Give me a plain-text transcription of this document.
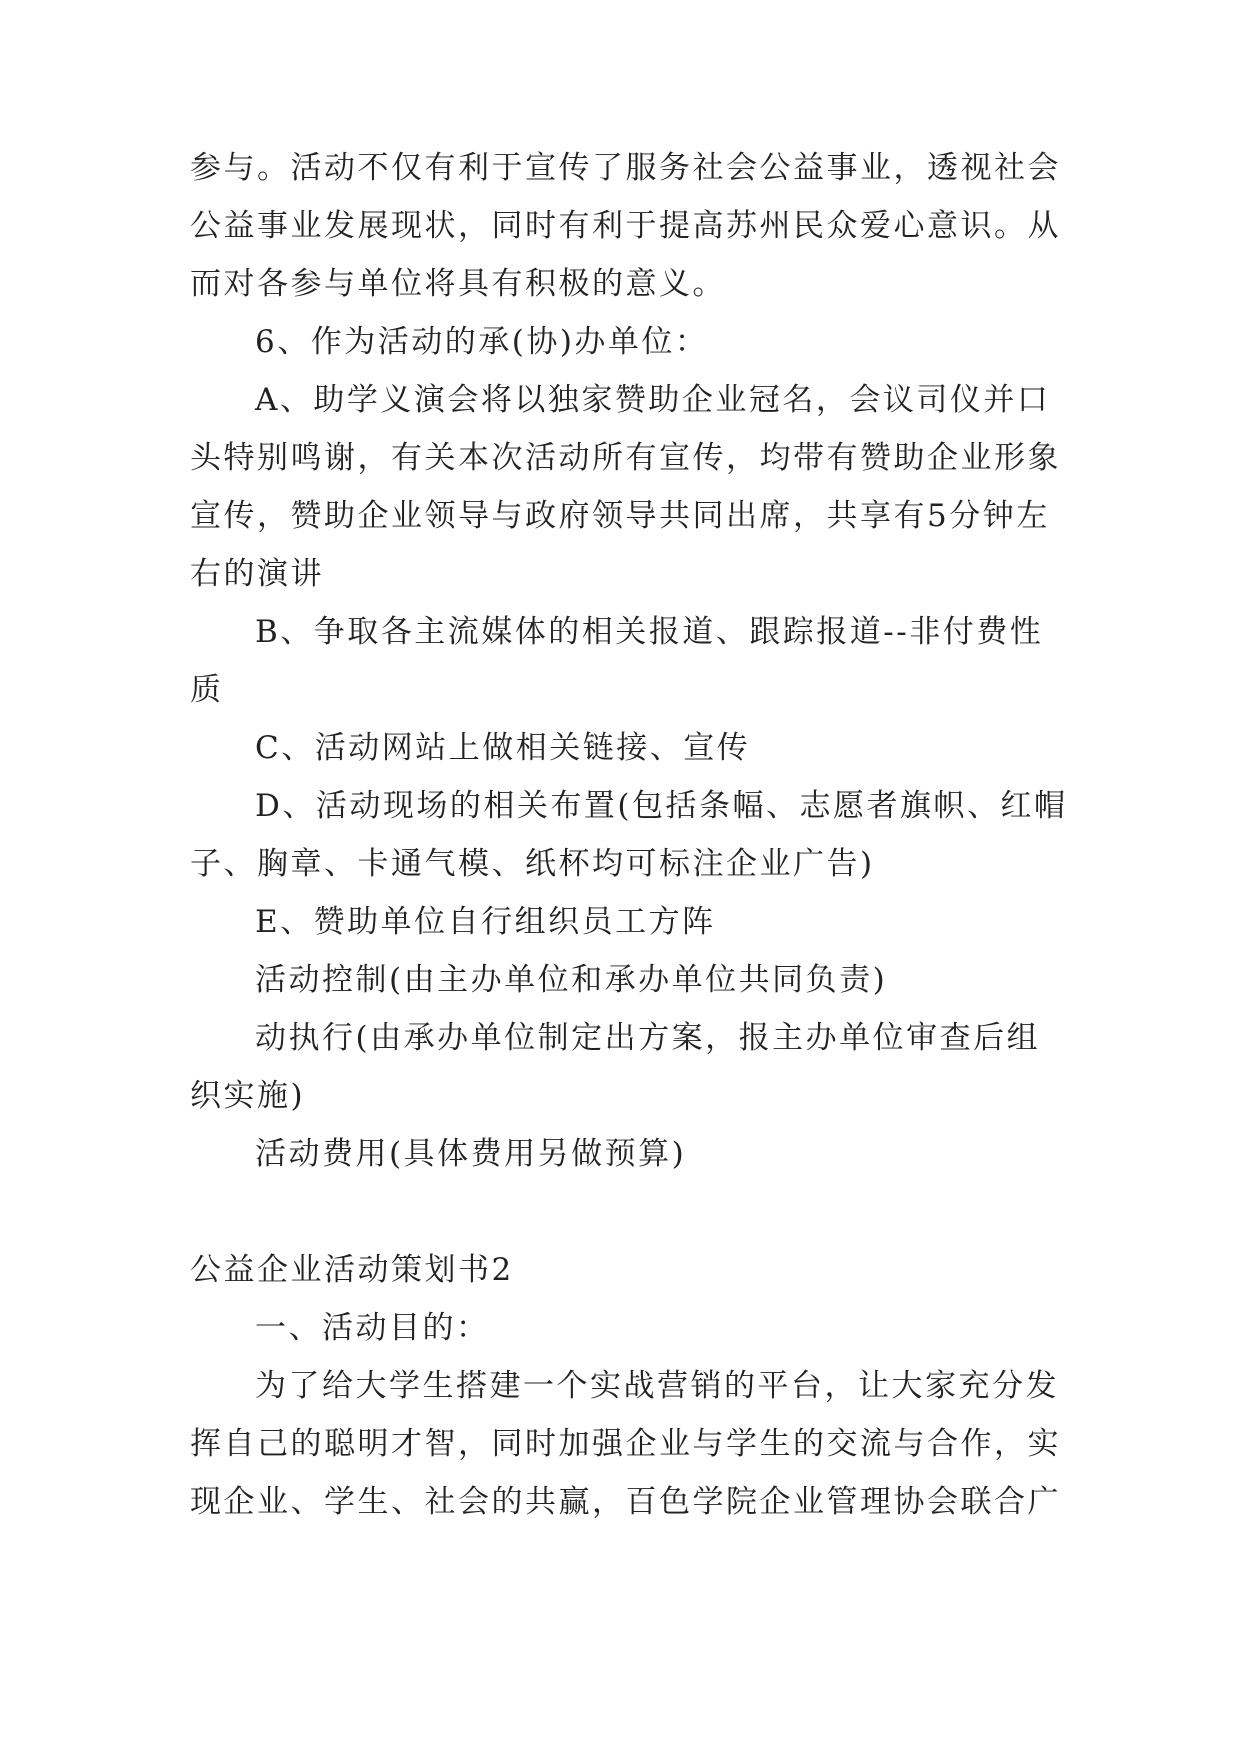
参与。活动不仅有利于宣传了服务社会公益事业，透视社会
公益事业发展现状，同时有利于提高苏州民众爱心意识。从
而对各参与单位将具有积极的意义。
6、作为活动的承(协)办单位：
A、助学义演会将以独家赞助企业冠名，会议司仪并口
头特别鸣谢，有关本次活动所有宣传，均带有赞助企业形象
宣传，赞助企业领导与政府领导共同出席，共享有5分钟左
右的演讲
B、争取各主流媒体的相关报道、跟踪报道--非付费性
质
C、活动网站上做相关链接、宣传
D、活动现场的相关布置(包括条幅、志愿者旗帜、红帽
子、胸章、卡通气模、纸杯均可标注企业广告)
E、赞助单位自行组织员工方阵
活动控制(由主办单位和承办单位共同负责)
动执行(由承办单位制定出方案，报主办单位审查后组
织实施)
活动费用(具体费用另做预算)
公益企业活动策划书2
一、活动目的：
为了给大学生搭建一个实战营销的平台，让大家充分发
挥自己的聪明才智，同时加强企业与学生的交流与合作，实
现企业、学生、社会的共赢，百色学院企业管理协会联合广
